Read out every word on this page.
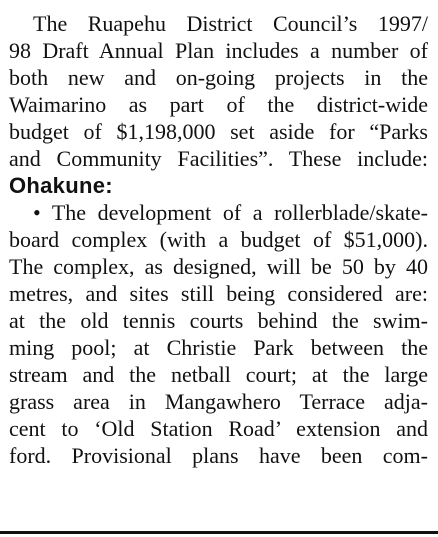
The Ruapehu District Council’s 1997/
98 Draft Annual Plan includes a number of
both new and on-going projects in the
Waimarino as part of the district-wide
budget of $1,198,000 set aside for “Parks
and Community Facilities”. These include:
Ohakune:
• The development of a rollerblade/skate-
board complex (with a budget of $51,000).
The complex, as designed, will be 50 by 40
metres, and sites still being considered are:
at the old tennis courts behind the swim-
ming pool; at Christie Park between the
stream and the netball court; at the large
grass area in Mangawhero Terrace adja-
cent to ‘Old Station Road’ extension and
ford. Provisional plans have been com-
